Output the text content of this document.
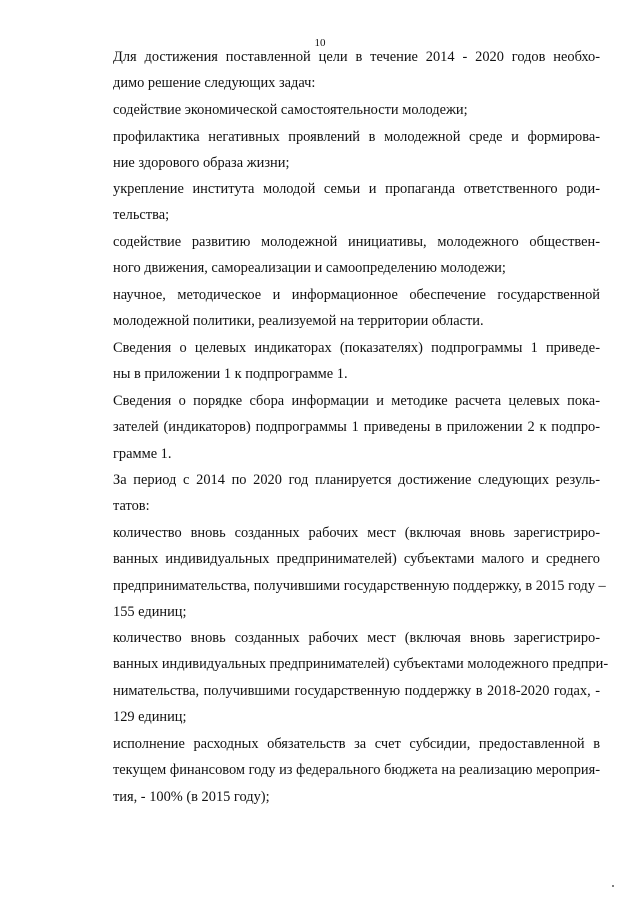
10

Для достижения поставленной цели в течение 2014 - 2020 годов необхо-
димо решение следующих задач:

содействие экономической самостоятельности молодежи;

профилактика негативных проявлений в молодежной среде и формирова-
ние здорового образа жизни;

укрепление института молодой семьи и пропаганда ответственного роди-
тельства;

содействие развитию молодежной инициативы, молодежного обществен-
ного движения, самореализации и самоопределению молодежи;

научное, методическое и информационное обеспечение государственной
молодежной политики, реализуемой на территории области.

Сведения о целевых индикаторах (показателях) подпрограммы 1 приведе-
ны в приложении 1 к подпрограмме 1.

Сведения о порядке сбора информации и методике расчета целевых пока-
зателей (индикаторов) подпрограммы 1 приведены в приложении 2 к подпро-
грамме 1.

За период с 2014 по 2020 год планируется достижение следующих резуль-
татов:

количество вновь созданных рабочих мест (включая вновь зарегистриро-
ванных индивидуальных предпринимателей) субъектами малого и среднего
предпринимательства, получившими государственную поддержку, в 2015 году –
155 единиц;

количество вновь созданных рабочих мест (включая вновь зарегистриро-
ванных индивидуальных предпринимателей) субъектами молодежного предпри-
нимательства, получившими государственную поддержку в 2018-2020 годах, -
129 единиц;

исполнение расходных обязательств за счет субсидии, предоставленной в
текущем финансовом году из федерального бюджета на реализацию мероприя-
тия, - 100% (в 2015 году);
